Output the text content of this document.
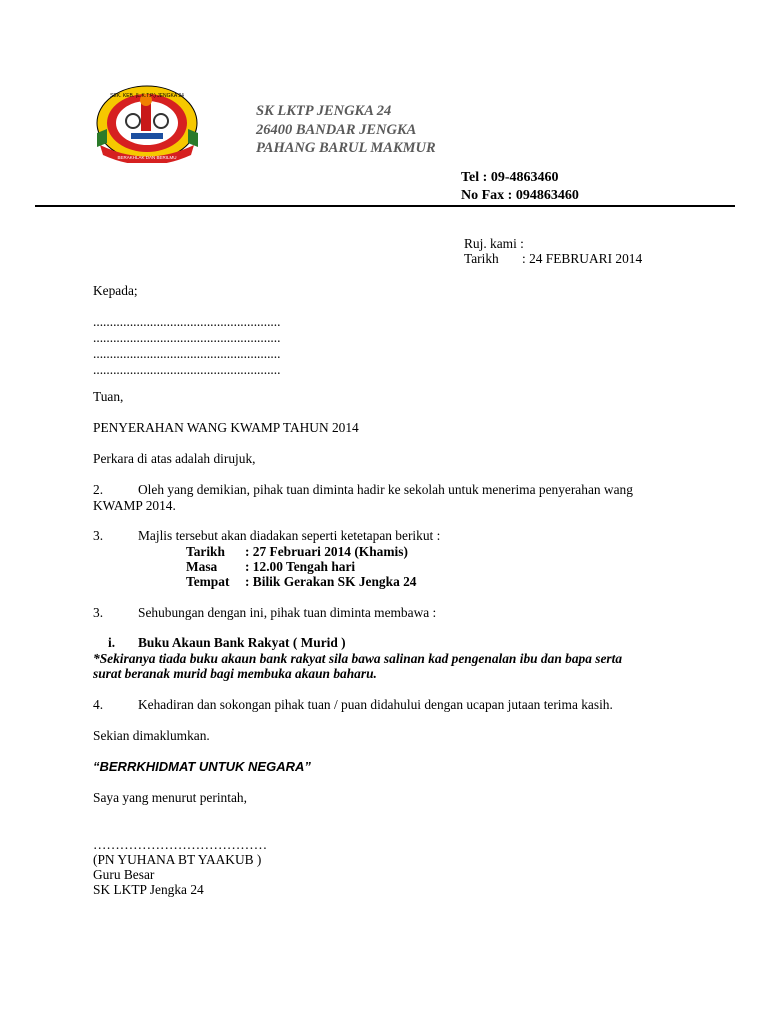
SEK. KEB. (L.K.T.P.) JENGKA 24
BERAKHLAK DAN BERILMU
SK LKTP JENGKA 24
26400 BANDAR JENGKA
PAHANG BARUL MAKMUR
Tel : 09-4863460
No Fax : 094863460
Ruj. kami :
Tarikh : 24 FEBRUARI 2014
Kepada;
........................................................
........................................................
........................................................
........................................................
Tuan,
PENYERAHAN WANG KWAMP TAHUN 2014
Perkara di atas adalah dirujuk,
2.	Oleh yang demikian, pihak tuan diminta hadir ke sekolah untuk menerima penyerahan wang
KWAMP 2014.
3.	Majlis tersebut akan diadakan seperti ketetapan berikut :
Tarikh : 27 Februari 2014 (Khamis)
Masa : 12.00 Tengah hari
Tempat : Bilik Gerakan SK Jengka 24
3.	Sehubungan dengan ini, pihak tuan diminta membawa :
i. Buku Akaun Bank Rakyat ( Murid )
*Sekiranya tiada buku akaun bank rakyat sila bawa salinan kad pengenalan ibu dan bapa serta
surat beranak murid bagi membuka akaun baharu.
4.	Kehadiran dan sokongan pihak tuan / puan didahului dengan ucapan jutaan terima kasih.
Sekian dimaklumkan.
“BERRKHIDMAT UNTUK NEGARA”
Saya yang menurut perintah,
…………………………………
(PN YUHANA BT YAAKUB )
Guru Besar
SK LKTP Jengka 24
